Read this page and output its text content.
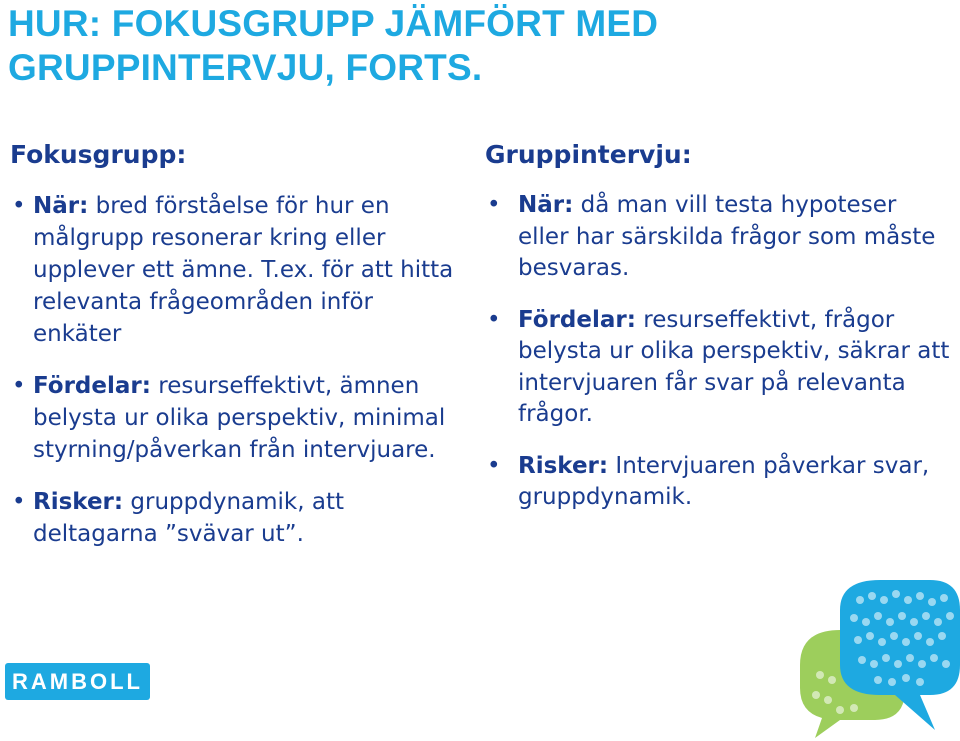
HUR: FOKUSGRUPP JÄMFÖRT MED GRUPPINTERVJU, FORTS.
Fokusgrupp:
• När: bred förståelse för hur en målgrupp resonerar kring eller upplever ett ämne. T.ex. för att hitta relevanta frågeområden inför enkäter
• Fördelar: resurseffektivt, ämnen belysta ur olika perspektiv, minimal styrning/påverkan från intervjuare.
• Risker: gruppdynamik, att deltagarna ”svävar ut”.
Gruppintervju:
• När: då man vill testa hypoteser eller har särskilda frågor som måste besvaras.
• Fördelar: resurseffektivt, frågor belysta ur olika perspektiv, säkrar att intervjuaren får svar på relevanta frågor.
• Risker: Intervjuaren påverkar svar, gruppdynamik.
RAMBOLL
